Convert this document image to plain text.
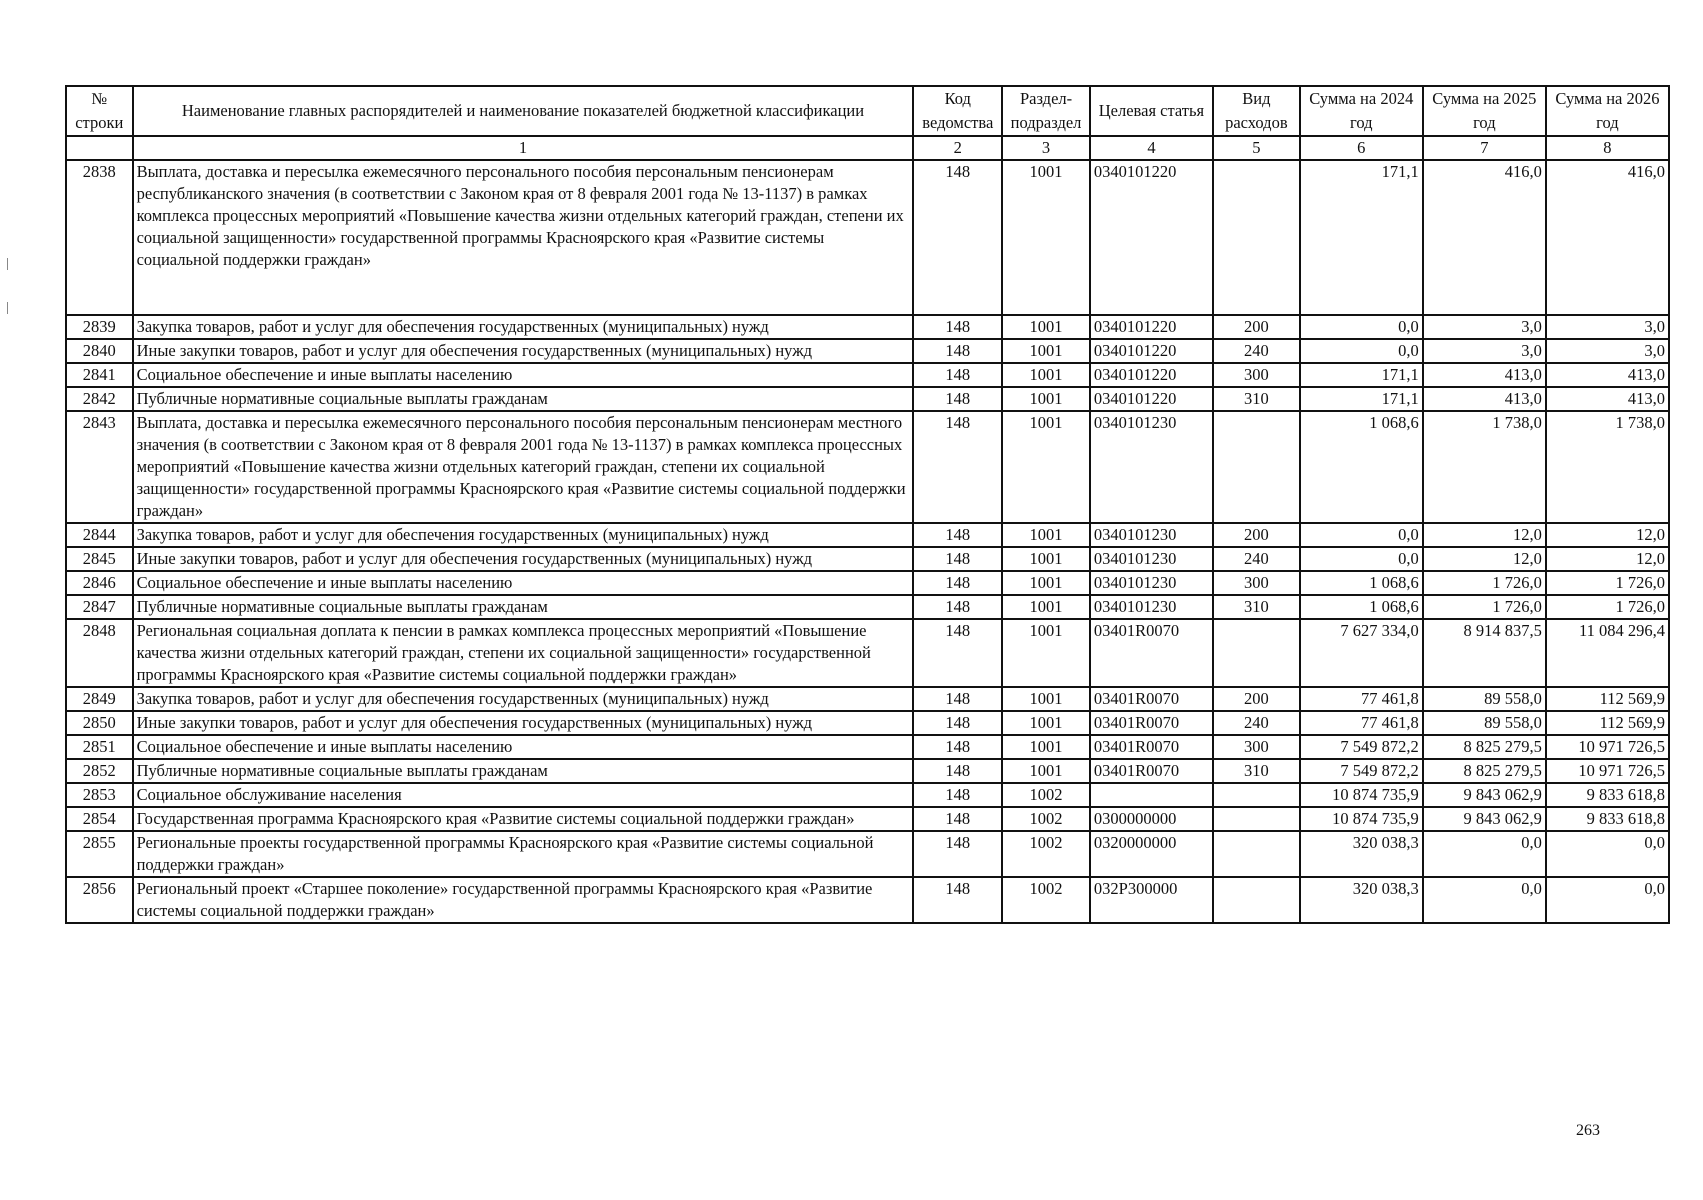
№ строки	Наименование главных распорядителей и наименование показателей бюджетной классификации	Код ведомства	Раздел-подраздел	Целевая статья	Вид расходов	Сумма на 2024 год	Сумма на 2025 год	Сумма на 2026 год
	1	2	3	4	5	6	7	8
2838	Выплата, доставка и пересылка ежемесячного персонального пособия персональным пенсионерам республиканского значения (в соответствии с Законом края от 8 февраля 2001 года № 13-1137) в рамках комплекса процессных мероприятий «Повышение качества жизни отдельных категорий граждан, степени их социальной защищенности» государственной программы Красноярского края «Развитие системы социальной поддержки граждан»	148	1001	0340101220		171,1	416,0	416,0
2839	Закупка товаров, работ и услуг для обеспечения государственных (муниципальных) нужд	148	1001	0340101220	200	0,0	3,0	3,0
2840	Иные закупки товаров, работ и услуг для обеспечения государственных (муниципальных) нужд	148	1001	0340101220	240	0,0	3,0	3,0
2841	Социальное обеспечение и иные выплаты населению	148	1001	0340101220	300	171,1	413,0	413,0
2842	Публичные нормативные социальные выплаты гражданам	148	1001	0340101220	310	171,1	413,0	413,0
2843	Выплата, доставка и пересылка ежемесячного персонального пособия персональным пенсионерам местного значения (в соответствии с Законом края от 8 февраля 2001 года № 13-1137) в рамках комплекса процессных мероприятий «Повышение качества жизни отдельных категорий граждан, степени их социальной защищенности» государственной программы Красноярского края «Развитие системы социальной поддержки граждан»	148	1001	0340101230		1 068,6	1 738,0	1 738,0
2844	Закупка товаров, работ и услуг для обеспечения государственных (муниципальных) нужд	148	1001	0340101230	200	0,0	12,0	12,0
2845	Иные закупки товаров, работ и услуг для обеспечения государственных (муниципальных) нужд	148	1001	0340101230	240	0,0	12,0	12,0
2846	Социальное обеспечение и иные выплаты населению	148	1001	0340101230	300	1 068,6	1 726,0	1 726,0
2847	Публичные нормативные социальные выплаты гражданам	148	1001	0340101230	310	1 068,6	1 726,0	1 726,0
2848	Региональная социальная доплата к пенсии в рамках комплекса процессных мероприятий «Повышение качества жизни отдельных категорий граждан, степени их социальной защищенности» государственной программы Красноярского края «Развитие системы социальной поддержки граждан»	148	1001	03401R0070		7 627 334,0	8 914 837,5	11 084 296,4
2849	Закупка товаров, работ и услуг для обеспечения государственных (муниципальных) нужд	148	1001	03401R0070	200	77 461,8	89 558,0	112 569,9
2850	Иные закупки товаров, работ и услуг для обеспечения государственных (муниципальных) нужд	148	1001	03401R0070	240	77 461,8	89 558,0	112 569,9
2851	Социальное обеспечение и иные выплаты населению	148	1001	03401R0070	300	7 549 872,2	8 825 279,5	10 971 726,5
2852	Публичные нормативные социальные выплаты гражданам	148	1001	03401R0070	310	7 549 872,2	8 825 279,5	10 971 726,5
2853	Социальное обслуживание населения	148	1002			10 874 735,9	9 843 062,9	9 833 618,8
2854	Государственная программа Красноярского края «Развитие системы социальной поддержки граждан»	148	1002	0300000000		10 874 735,9	9 843 062,9	9 833 618,8
2855	Региональные проекты государственной программы Красноярского края «Развитие системы социальной поддержки граждан»	148	1002	0320000000		320 038,3	0,0	0,0
2856	Региональный проект «Старшее поколение» государственной программы Красноярского края «Развитие системы социальной поддержки граждан»	148	1002	032Р300000		320 038,3	0,0	0,0
263
